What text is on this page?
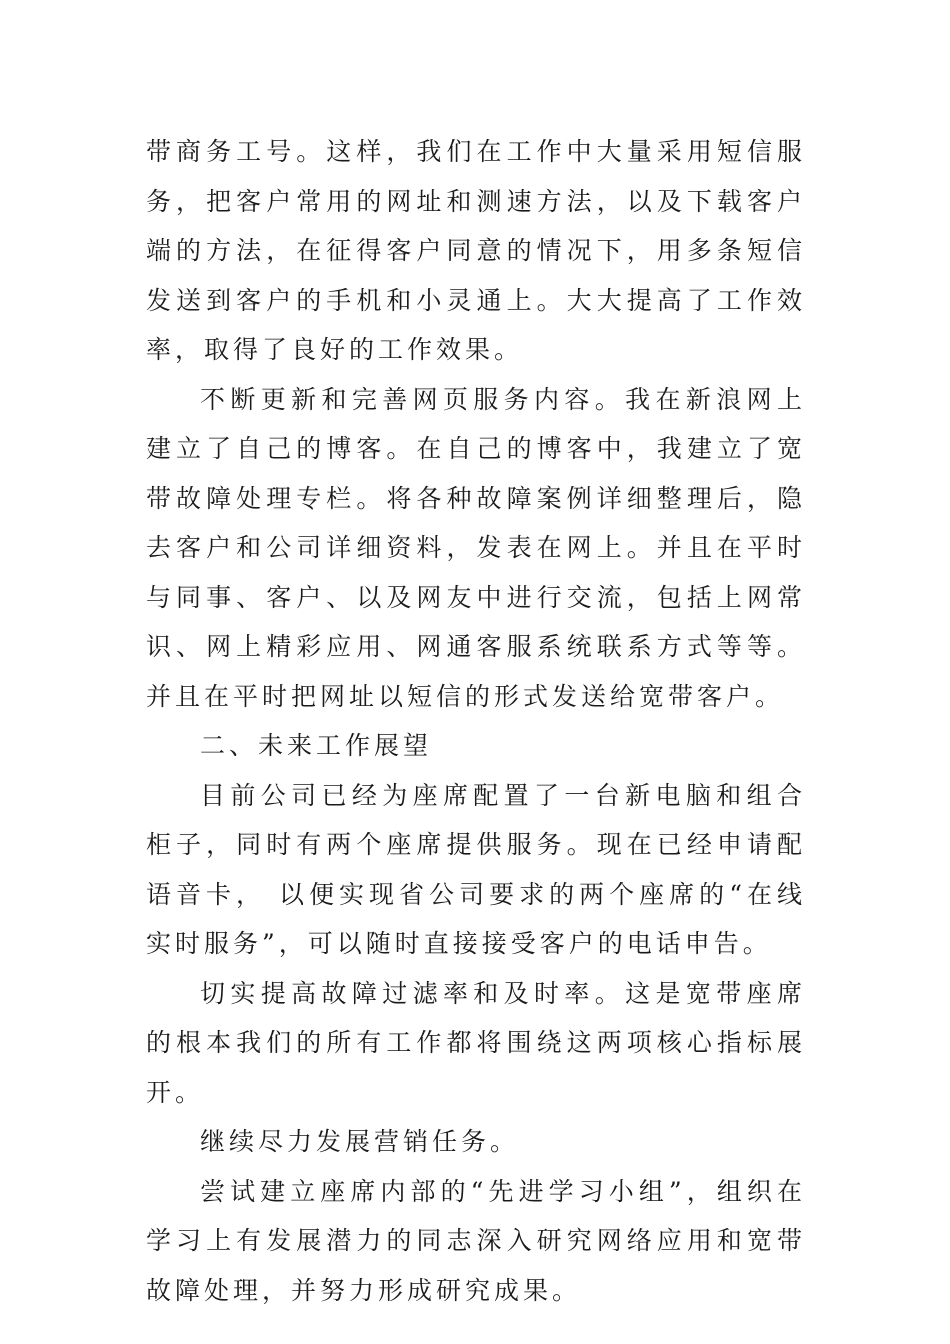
带商务工号。这样，我们在工作中大量采用短信服务，把客户常用的网址和测速方法，以及下载客户端的方法，在征得客户同意的情况下，用多条短信发送到客户的手机和小灵通上。大大提高了工作效率，取得了良好的工作效果。

不断更新和完善网页服务内容。我在新浪网上建立了自己的博客。在自己的博客中，我建立了宽带故障处理专栏。将各种故障案例详细整理后，隐去客户和公司详细资料，发表在网上。并且在平时与同事、客户、以及网友中进行交流，包括上网常识、网上精彩应用、网通客服系统联系方式等等。并且在平时把网址以短信的形式发送给宽带客户。

二、未来工作展望

目前公司已经为座席配置了一台新电脑和组合柜子，同时有两个座席提供服务。现在已经申请配语音卡， 以便实现省公司要求的两个座席的“在线实时服务”，可以随时直接接受客户的电话申告。

切实提高故障过滤率和及时率。这是宽带座席的根本我们的所有工作都将围绕这两项核心指标展开。

继续尽力发展营销任务。

尝试建立座席内部的“先进学习小组”，组织在学习上有发展潜力的同志深入研究网络应用和宽带故障处理，并努力形成研究成果。
